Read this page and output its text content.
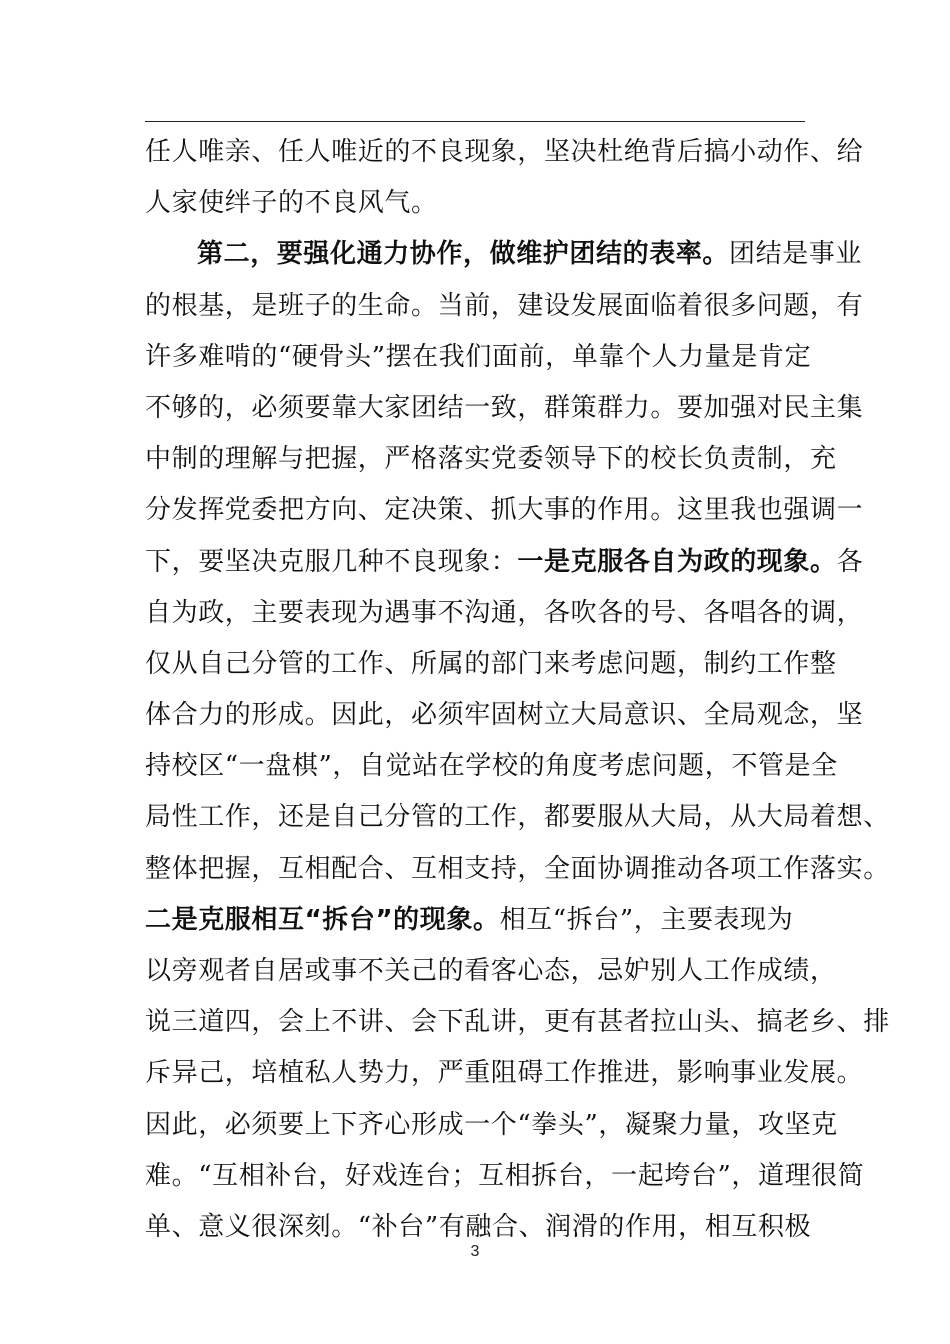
任人唯亲、任人唯近的不良现象，坚决杜绝背后搞小动作、给
人家使绊子的不良风气。
第二，要强化通力协作，做维护团结的表率。团结是事业
的根基，是班子的生命。当前，建设发展面临着很多问题，有
许多难啃的“硬骨头”摆在我们面前，单靠个人力量是肯定
不够的，必须要靠大家团结一致，群策群力。要加强对民主集
中制的理解与把握，严格落实党委领导下的校长负责制，充
分发挥党委把方向、定决策、抓大事的作用。这里我也强调一
下，要坚决克服几种不良现象：一是克服各自为政的现象。各
自为政，主要表现为遇事不沟通，各吹各的号、各唱各的调，
仅从自己分管的工作、所属的部门来考虑问题，制约工作整
体合力的形成。因此，必须牢固树立大局意识、全局观念，坚
持校区“一盘棋”，自觉站在学校的角度考虑问题，不管是全
局性工作，还是自己分管的工作，都要服从大局，从大局着想、
整体把握，互相配合、互相支持，全面协调推动各项工作落实。
二是克服相互“拆台”的现象。相互“拆台”，主要表现为
以旁观者自居或事不关己的看客心态，忌妒别人工作成绩，
说三道四，会上不讲、会下乱讲，更有甚者拉山头、搞老乡、排
斥异己，培植私人势力，严重阻碍工作推进，影响事业发展。
因此，必须要上下齐心形成一个“拳头”，凝聚力量，攻坚克
难。“互相补台，好戏连台；互相拆台，一起垮台”，道理很简
单、意义很深刻。“补台”有融合、润滑的作用，相互积极
3
